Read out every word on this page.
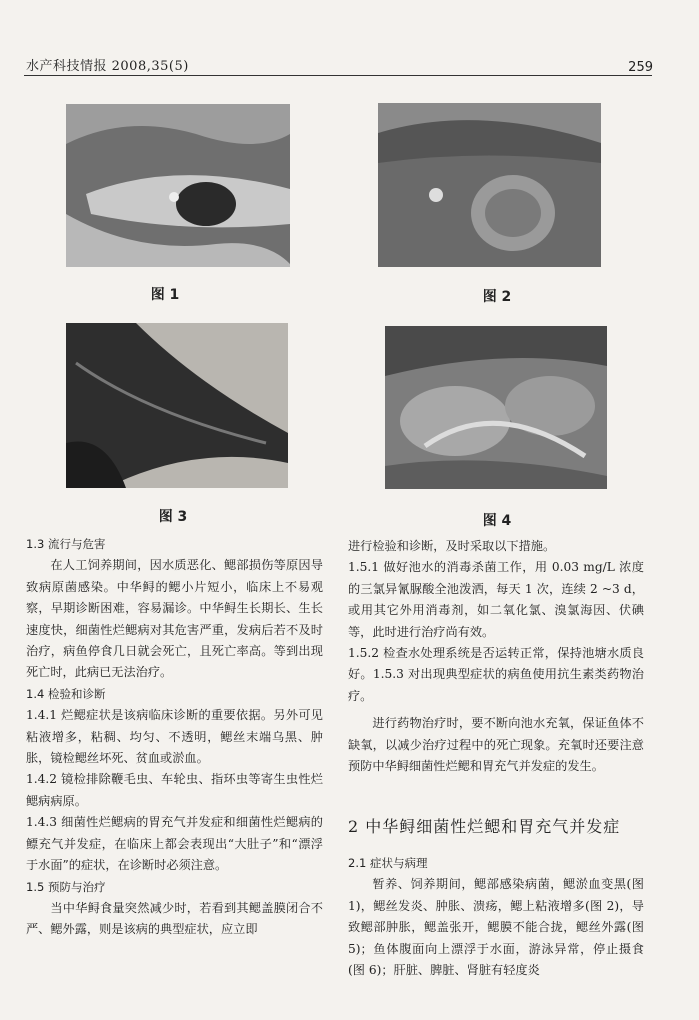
水产科技情报 2008,35(5)	259
图 1	图 2
图 3	图 4

1.3 流行与危害

在人工饲养期间，因水质恶化、鳃部损伤等原因导致病原菌感染。中华鲟的鳃小片短小，临床上不易观察，早期诊断困难，容易漏诊。中华鲟生长期长、生长速度快，细菌性烂鳃病对其危害严重，发病后若不及时治疗，病鱼停食几日就会死亡，且死亡率高。等到出现死亡时，此病已无法治疗。

1.4 检验和诊断

1.4.1 烂鳃症状是该病临床诊断的重要依据。另外可见粘液增多，粘稠、均匀、不透明，鳃丝末端乌黑、肿胀，镜检鳃丝坏死、贫血或淤血。

1.4.2 镜检排除鞭毛虫、车轮虫、指环虫等寄生虫性烂鳃病病原。

1.4.3 细菌性烂鳃病的胃充气并发症和细菌性烂鳃病的鳔充气并发症，在临床上都会表现出“大肚子”和“漂浮于水面”的症状，在诊断时必须注意。

1.5 预防与治疗

当中华鲟食量突然减少时，若看到其鳃盖膜闭合不严、鳃外露，则是该病的典型症状，应立即

进行检验和诊断，及时采取以下措施。

1.5.1 做好池水的消毒杀菌工作，用 0.03 mg/L 浓度的三氯异氰脲酸全池泼洒，每天 1 次，连续 2 ~3 d，或用其它外用消毒剂，如二氧化氯、溴氯海因、伏碘等，此时进行治疗尚有效。

1.5.2 检查水处理系统是否运转正常，保持池塘水质良好。1.5.3 对出现典型症状的病鱼使用抗生素类药物治疗。

进行药物治疗时，要不断向池水充氧，保证鱼体不缺氧，以减少治疗过程中的死亡现象。充氧时还要注意预防中华鲟细菌性烂鳃和胃充气并发症的发生。

2 中华鲟细菌性烂鳃和胃充气并发症

2.1 症状与病理

暂养、饲养期间，鳃部感染病菌，鳃淤血变黑(图 1)，鳃丝发炎、肿胀、溃疡，鳃上粘液增多(图 2)，导致鳃部肿胀，鳃盖张开，鳃膜不能合拢，鳃丝外露(图 5)；鱼体腹面向上漂浮于水面，游泳异常，停止摄食(图 6)；肝脏、脾脏、肾脏有轻度炎
